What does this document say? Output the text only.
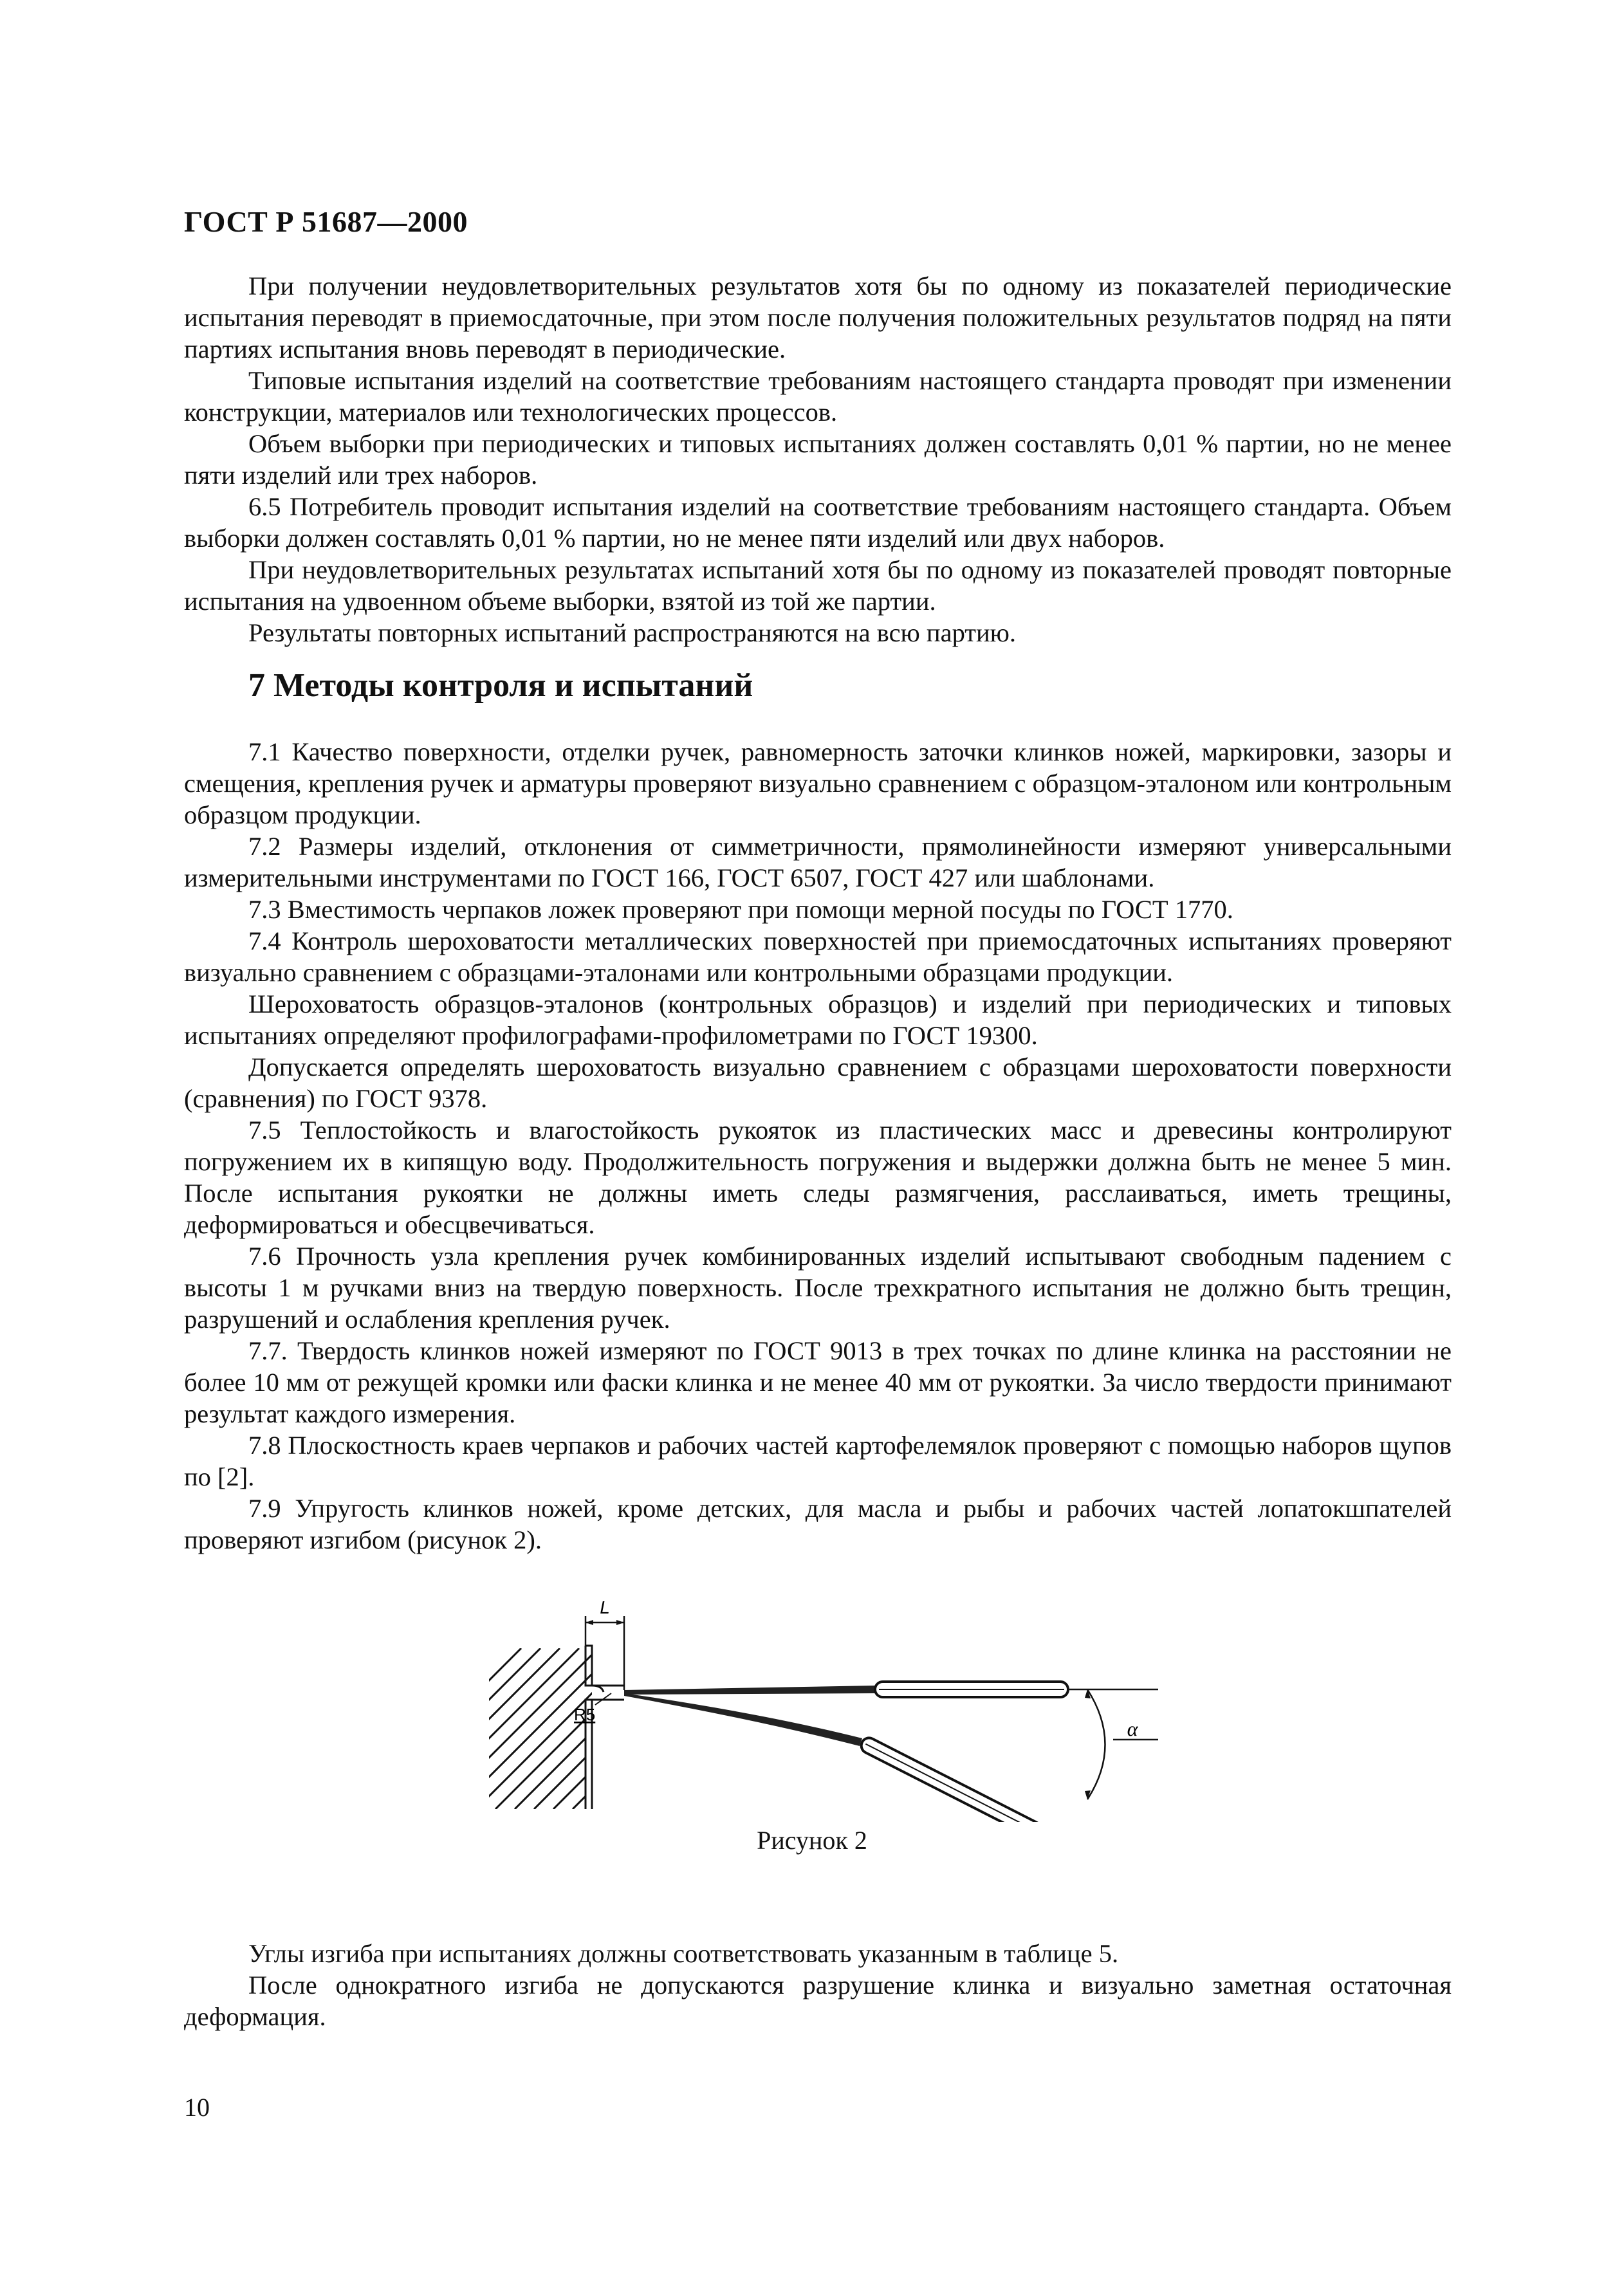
ГОСТ Р 51687—2000

При получении неудовлетворительных результатов хотя бы по одному из показателей периодические испытания переводят в приемосдаточные, при этом после получения положительных результатов подряд на пяти партиях испытания вновь переводят в периодические.

Типовые испытания изделий на соответствие требованиям настоящего стандарта проводят при изменении конструкции, материалов или технологических процессов.

Объем выборки при периодических и типовых испытаниях должен составлять 0,01 % партии, но не менее пяти изделий или трех наборов.

6.5 Потребитель проводит испытания изделий на соответствие требованиям настоящего стандарта. Объем выборки должен составлять 0,01 % партии, но не менее пяти изделий или двух наборов.

При неудовлетворительных результатах испытаний хотя бы по одному из показателей проводят повторные испытания на удвоенном объеме выборки, взятой из той же партии.

Результаты повторных испытаний распространяются на всю партию.

7 Методы контроля и испытаний

7.1 Качество поверхности, отделки ручек, равномерность заточки клинков ножей, маркировки, зазоры и смещения, крепления ручек и арматуры проверяют визуально сравнением с образцом-эталоном или контрольным образцом продукции.

7.2 Размеры изделий, отклонения от симметричности, прямолинейности измеряют универсальными измерительными инструментами по ГОСТ 166, ГОСТ 6507, ГОСТ 427 или шаблонами.

7.3 Вместимость черпаков ложек проверяют при помощи мерной посуды по ГОСТ 1770.

7.4 Контроль шероховатости металлических поверхностей при приемосдаточных испытаниях проверяют визуально сравнением с образцами-эталонами или контрольными образцами продукции.

Шероховатость образцов-эталонов (контрольных образцов) и изделий при периодических и типовых испытаниях определяют профилографами-профилометрами по ГОСТ 19300.

Допускается определять шероховатость визуально сравнением с образцами шероховатости поверхности (сравнения) по ГОСТ 9378.

7.5 Теплостойкость и влагостойкость рукояток из пластических масс и древесины контролируют погружением их в кипящую воду. Продолжительность погружения и выдержки должна быть не менее 5 мин. После испытания рукоятки не должны иметь следы размягчения, расслаиваться, иметь трещины, деформироваться и обесцвечиваться.

7.6 Прочность узла крепления ручек комбинированных изделий испытывают свободным падением с высоты 1 м ручками вниз на твердую поверхность. После трехкратного испытания не должно быть трещин, разрушений и ослабления крепления ручек.

7.7. Твердость клинков ножей измеряют по ГОСТ 9013 в трех точках по длине клинка на расстоянии не более 10 мм от режущей кромки или фаски клинка и не менее 40 мм от рукоятки. За число твердости принимают результат каждого измерения.

7.8 Плоскостность краев черпаков и рабочих частей картофелемялок проверяют с помощью наборов щупов по [2].

7.9 Упругость клинков ножей, кроме детских, для масла и рыбы и рабочих частей лопатокшпателей проверяют изгибом (рисунок 2).

L
R5
α
Рисунок 2

Углы изгиба при испытаниях должны соответствовать указанным в таблице 5.

После однократного изгиба не допускаются разрушение клинка и визуально заметная остаточная деформация.

10
